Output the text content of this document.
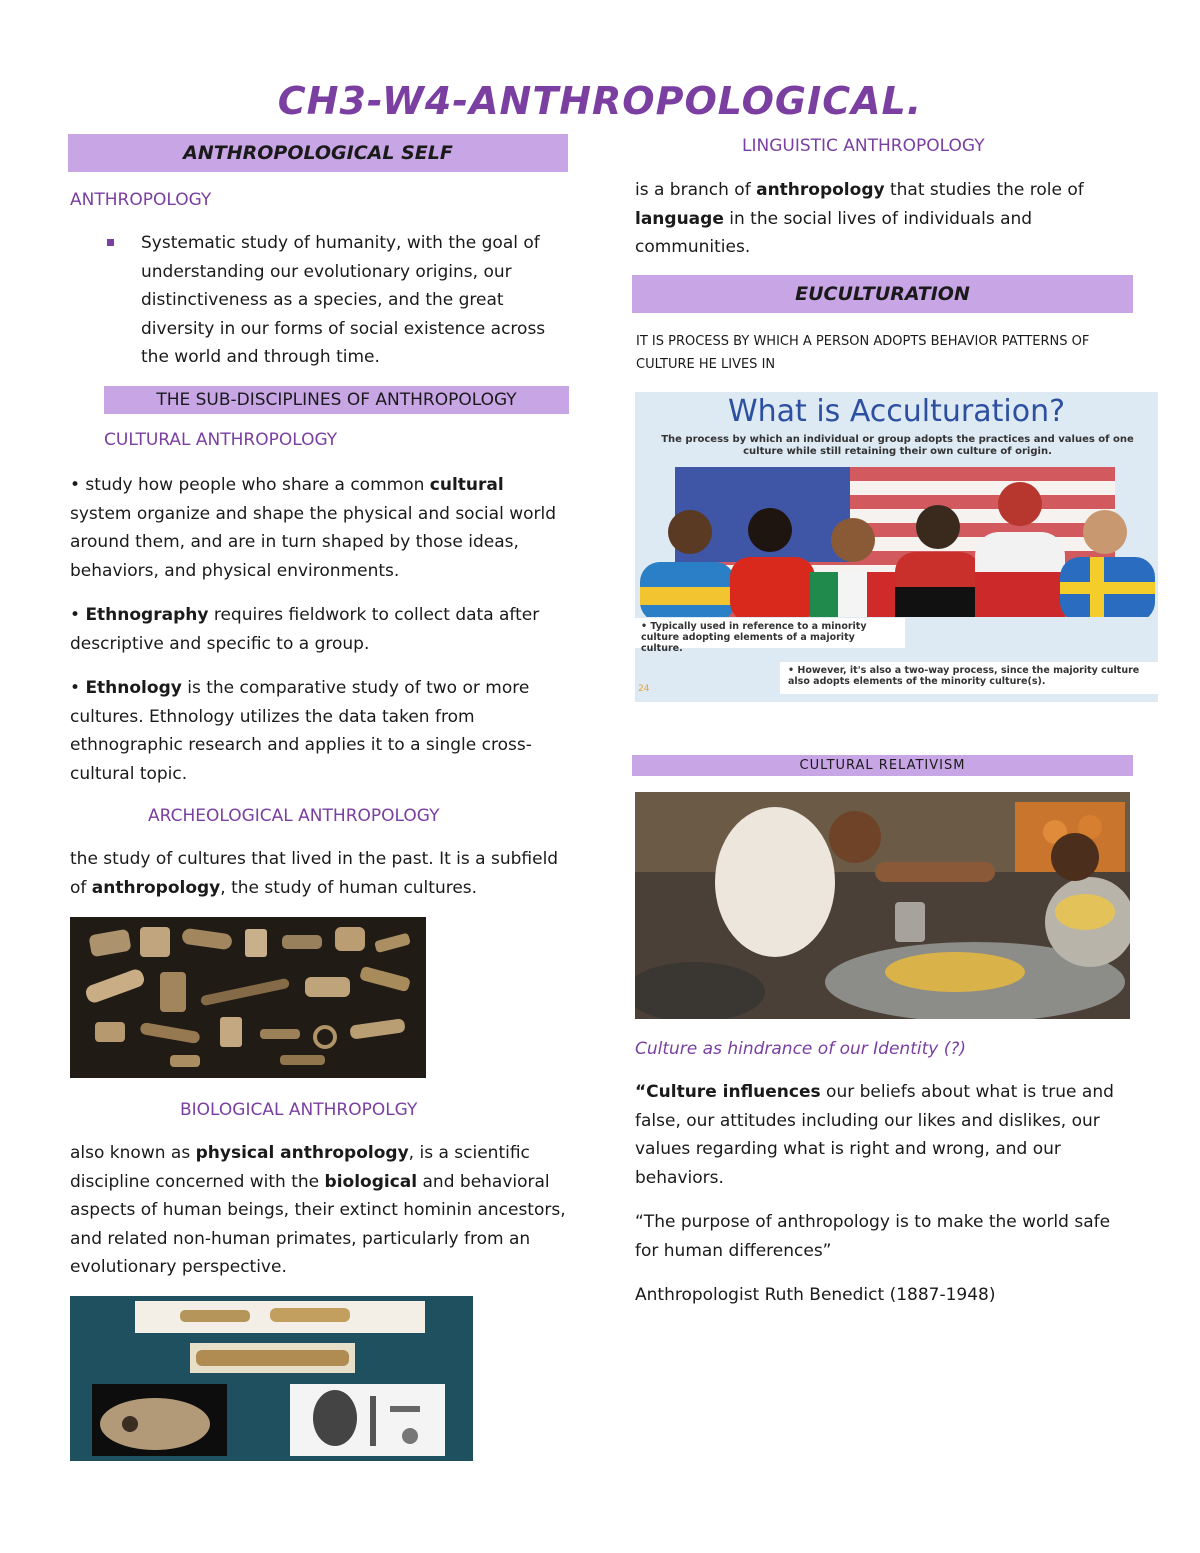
CH3-W4-ANTHROPOLOGICAL.
ANTHROPOLOGICAL SELF
ANTHROPOLOGY
Systematic study of humanity, with the goal of understanding our evolutionary origins, our distinctiveness as a species, and the great diversity in our forms of social existence across the world and through time.
THE SUB-DISCIPLINES OF ANTHROPOLOGY
CULTURAL ANTHROPOLOGY
• study how people who share a common cultural system organize and shape the physical and social world around them, and are in turn shaped by those ideas, behaviors, and physical environments.
• Ethnography requires fieldwork to collect data after descriptive and specific to a group.
• Ethnology is the comparative study of two or more cultures. Ethnology utilizes the data taken from ethnographic research and applies it to a single cross-cultural topic.
ARCHEOLOGICAL ANTHROPOLOGY
the study of cultures that lived in the past. It is a subfield of anthropology, the study of human cultures.
BIOLOGICAL ANTHROPOLGY
also known as physical anthropology, is a scientific discipline concerned with the biological and behavioral aspects of human beings, their extinct hominin ancestors, and related non-human primates, particularly from an evolutionary perspective.
LINGUISTIC ANTHROPOLOGY
is a branch of anthropology that studies the role of language in the social lives of individuals and communities.
EUCULTURATION
IT IS PROCESS BY WHICH A PERSON ADOPTS BEHAVIOR PATTERNS OF CULTURE HE LIVES IN
What is Acculturation?
The process by which an individual or group adopts the practices and values of one culture while still retaining their own culture of origin.
• Typically used in reference to a minority culture adopting elements of a majority culture.
• However, it's also a two-way process, since the majority culture also adopts elements of the minority culture(s).
24
CULTURAL RELATIVISM
Culture as hindrance of our Identity (?)
“Culture influences our beliefs about what is true and false, our attitudes including our likes and dislikes, our values regarding what is right and wrong, and our behaviors.
“The purpose of anthropology is to make the world safe for human differences”
Anthropologist Ruth Benedict (1887-1948)
